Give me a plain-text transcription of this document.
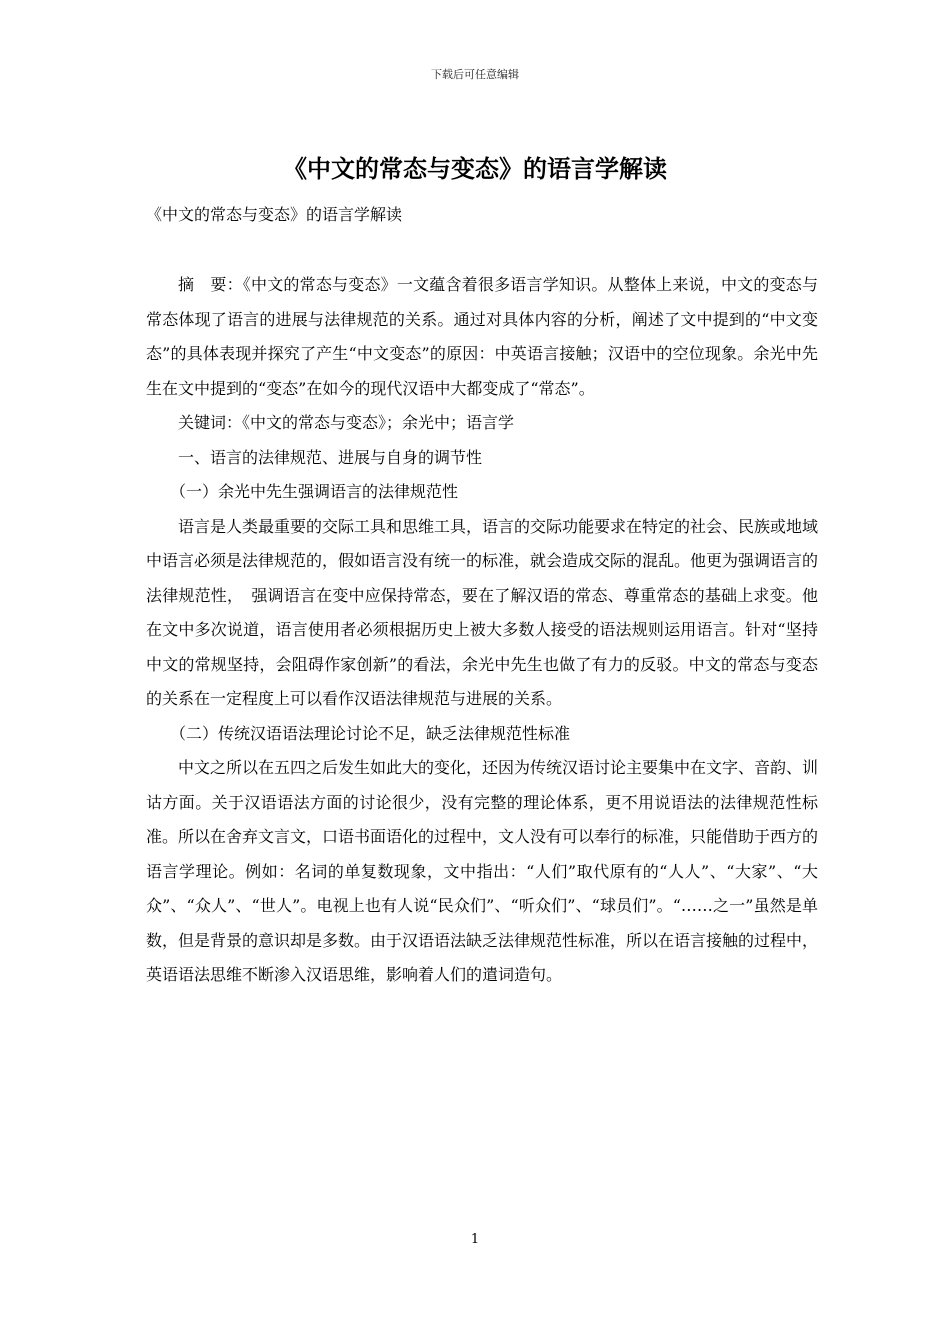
下载后可任意编辑
《中文的常态与变态》的语言学解读

《中文的常态与变态》的语言学解读

摘　要：《中文的常态与变态》一文蕴含着很多语言学知识。从整体上来说，中文的变态与常态体现了语言的进展与法律规范的关系。通过对具体内容的分析，阐述了文中提到的“中文变态”的具体表现并探究了产生“中文变态”的原因：中英语言接触；汉语中的空位现象。余光中先生在文中提到的“变态”在如今的现代汉语中大都变成了“常态”。

关键词：《中文的常态与变态》；余光中；语言学

一、语言的法律规范、进展与自身的调节性

（一）余光中先生强调语言的法律规范性

语言是人类最重要的交际工具和思维工具，语言的交际功能要求在特定的社会、民族或地域中语言必须是法律规范的，假如语言没有统一的标准，就会造成交际的混乱。他更为强调语言的法律规范性，　强调语言在变中应保持常态，要在了解汉语的常态、尊重常态的基础上求变。他在文中多次说道，语言使用者必须根据历史上被大多数人接受的语法规则运用语言。针对“坚持中文的常规坚持，会阻碍作家创新”的看法，余光中先生也做了有力的反驳。中文的常态与变态的关系在一定程度上可以看作汉语法律规范与进展的关系。

（二）传统汉语语法理论讨论不足，缺乏法律规范性标准

中文之所以在五四之后发生如此大的变化，还因为传统汉语讨论主要集中在文字、音韵、训诂方面。关于汉语语法方面的讨论很少，没有完整的理论体系，更不用说语法的法律规范性标准。所以在舍弃文言文，口语书面语化的过程中，文人没有可以奉行的标准，只能借助于西方的语言学理论。例如：名词的单复数现象，文中指出：“人们”取代原有的“人人”、“大家”、“大众”、“众人”、“世人”。电视上也有人说“民众们”、“听众们”、“球员们”。“……之一”虽然是单数，但是背景的意识却是多数。由于汉语语法缺乏法律规范性标准，所以在语言接触的过程中，英语语法思维不断渗入汉语思维，影响着人们的遣词造句。

1
